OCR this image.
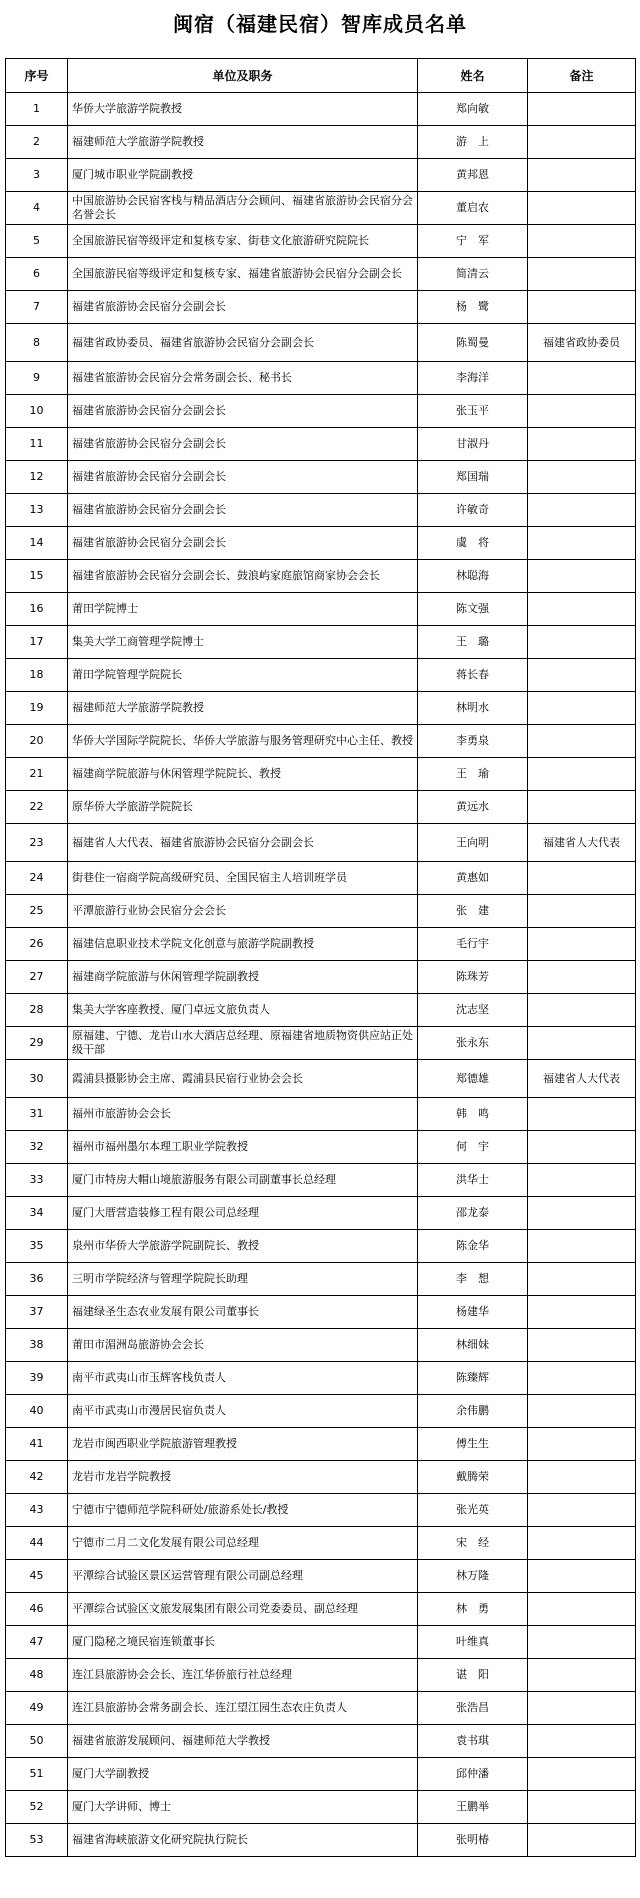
闽宿（福建民宿）智库成员名单
序号	单位及职务	姓名	备注
1	华侨大学旅游学院教授	郑向敏	
2	福建师范大学旅游学院教授	游　上	
3	厦门城市职业学院副教授	黄邦恩	
4	中国旅游协会民宿客栈与精品酒店分会顾问、福建省旅游协会民宿分会名誉会长	董启农	
5	全国旅游民宿等级评定和复核专家、街巷文化旅游研究院院长	宁　军	
6	全国旅游民宿等级评定和复核专家、福建省旅游协会民宿分会副会长	简清云	
7	福建省旅游协会民宿分会副会长	杨　鹭	
8	福建省政协委员、福建省旅游协会民宿分会副会长	陈蜀曼	福建省政协委员
9	福建省旅游协会民宿分会常务副会长、秘书长	李海洋	
10	福建省旅游协会民宿分会副会长	张玉平	
11	福建省旅游协会民宿分会副会长	甘淑丹	
12	福建省旅游协会民宿分会副会长	郑国瑞	
13	福建省旅游协会民宿分会副会长	许敏奇	
14	福建省旅游协会民宿分会副会长	虞　将	
15	福建省旅游协会民宿分会副会长、鼓浪屿家庭旅馆商家协会会长	林聪海	
16	莆田学院博士	陈文强	
17	集美大学工商管理学院博士	王　璐	
18	莆田学院管理学院院长	蒋长春	
19	福建师范大学旅游学院教授	林明水	
20	华侨大学国际学院院长、华侨大学旅游与服务管理研究中心主任、教授	李勇泉	
21	福建商学院旅游与休闲管理学院院长、教授	王　瑜	
22	原华侨大学旅游学院院长	黄远水	
23	福建省人大代表、福建省旅游协会民宿分会副会长	王向明	福建省人大代表
24	街巷住一宿商学院高级研究员、全国民宿主人培训班学员	黄惠如	
25	平潭旅游行业协会民宿分会会长	张　建	
26	福建信息职业技术学院文化创意与旅游学院副教授	毛行宇	
27	福建商学院旅游与休闲管理学院副教授	陈珠芳	
28	集美大学客座教授、厦门卓远文旅负责人	沈志坚	
29	原福建、宁德、龙岩山水大酒店总经理、原福建省地质物资供应站正处级干部	张永东	
30	霞浦县摄影协会主席、霞浦县民宿行业协会会长	郑德雄	福建省人大代表
31	福州市旅游协会会长	韩　鸣	
32	福州市福州墨尔本理工职业学院教授	何　宇	
33	厦门市特房大帽山境旅游服务有限公司副董事长总经理	洪华士	
34	厦门大厝营造装修工程有限公司总经理	邵龙泰	
35	泉州市华侨大学旅游学院副院长、教授	陈金华	
36	三明市学院经济与管理学院院长助理	李　想	
37	福建绿圣生态农业发展有限公司董事长	杨建华	
38	莆田市湄洲岛旅游协会会长	林细妹	
39	南平市武夷山市玉辉客栈负责人	陈臻辉	
40	南平市武夷山市漫居民宿负责人	余伟鹏	
41	龙岩市闽西职业学院旅游管理教授	傅生生	
42	龙岩市龙岩学院教授	戴腾荣	
43	宁德市宁德师范学院科研处/旅游系处长/教授	张光英	
44	宁德市二月二文化发展有限公司总经理	宋　经	
45	平潭综合试验区景区运营管理有限公司副总经理	林万隆	
46	平潭综合试验区文旅发展集团有限公司党委委员、副总经理	林　勇	
47	厦门隐秘之境民宿连锁董事长	叶维真	
48	连江县旅游协会会长、连江华侨旅行社总经理	谌　阳	
49	连江县旅游协会常务副会长、连江望江园生态农庄负责人	张浩昌	
50	福建省旅游发展顾问、福建师范大学教授	袁书琪	
51	厦门大学副教授	邱仲潘	
52	厦门大学讲师、博士	王鹏举	
53	福建省海峡旅游文化研究院执行院长	张明椿	
